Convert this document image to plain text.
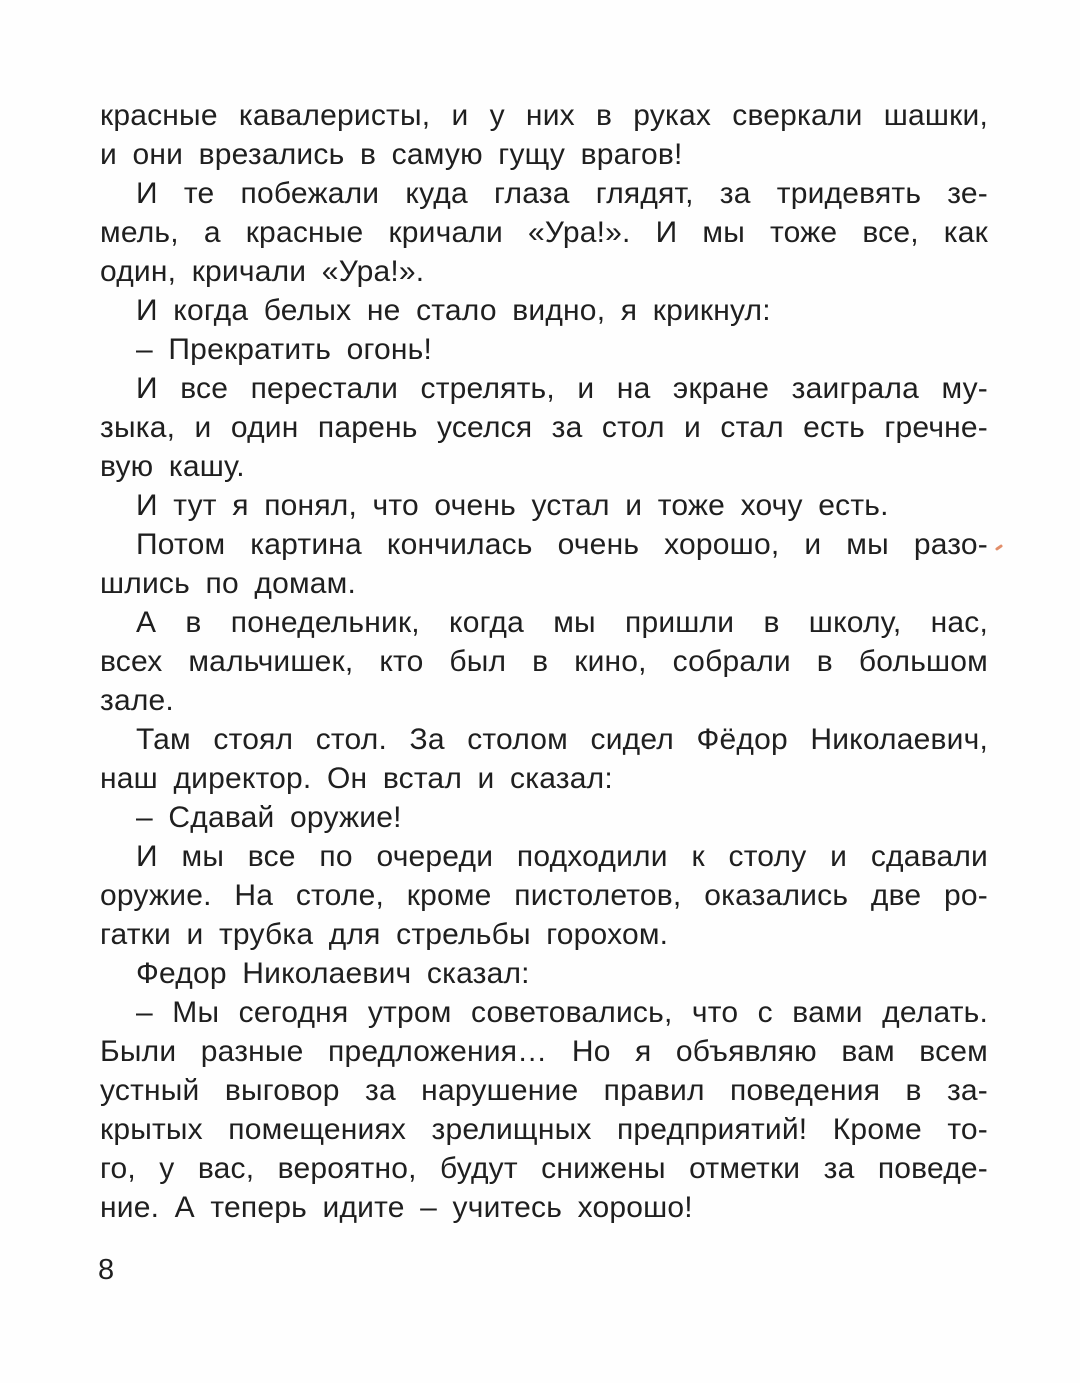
красные кавалеристы, и у них в руках сверкали шашки,
и они врезались в самую гущу врагов!
И те побежали куда глаза глядят, за тридевять зе-
мель, а красные кричали «Ура!». И мы тоже все, как
один, кричали «Ура!».
И когда белых не стало видно, я крикнул:
– Прекратить огонь!
И все перестали стрелять, и на экране заиграла му-
зыка, и один парень уселся за стол и стал есть гречне-
вую кашу.
И тут я понял, что очень устал и тоже хочу есть.
Потом картина кончилась очень хорошо, и мы разо-
шлись по домам.
А в понедельник, когда мы пришли в школу, нас,
всех мальчишек, кто был в кино, собрали в большом
зале.
Там стоял стол. За столом сидел Фёдор Николаевич,
наш директор. Он встал и сказал:
– Сдавай оружие!
И мы все по очереди подходили к столу и сдавали
оружие. На столе, кроме пистолетов, оказались две ро-
гатки и трубка для стрельбы горохом.
Федор Николаевич сказал:
– Мы сегодня утром советовались, что с вами делать.
Были разные предложения… Но я объявляю вам всем
устный выговор за нарушение правил поведения в за-
крытых помещениях зрелищных предприятий! Кроме то-
го, у вас, вероятно, будут снижены отметки за поведе-
ние. А теперь идите – учитесь хорошо!
8
